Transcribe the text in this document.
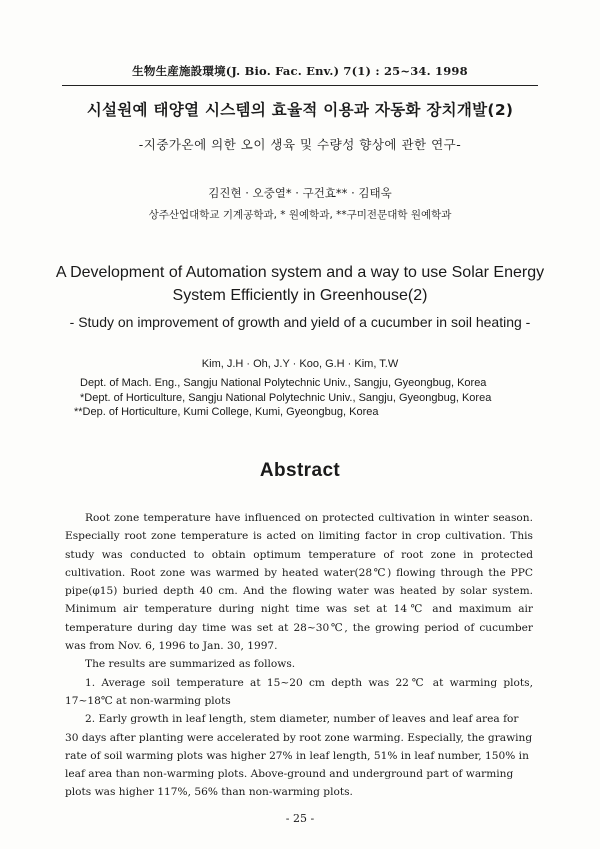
生物生産施設環境(J. Bio. Fac. Env.) 7(1) : 25~34. 1998
시설원예 태양열 시스템의 효율적 이용과 자동화 장치개발(2)
-지중가온에 의한 오이 생육 및 수량성 향상에 관한 연구-
김진현 · 오중열* · 구건효** · 김태욱
상주산업대학교 기계공학과, * 원예학과, **구미전문대학 원예학과
A Development of Automation system and a way to use Solar Energy System Efficiently in Greenhouse(2)
- Study on improvement of growth and yield of a cucumber in soil heating -
Kim, J.H · Oh, J.Y · Koo, G.H · Kim, T.W
Dept. of Mach. Eng., Sangju National Polytechnic Univ., Sangju, Gyeongbug, Korea
*Dept. of Horticulture, Sangju National Polytechnic Univ., Sangju, Gyeongbug, Korea
**Dep. of Horticulture, Kumi College, Kumi, Gyeongbug, Korea
Abstract

Root zone temperature have influenced on protected cultivation in winter season. Especially root zone temperature is acted on limiting factor in crop cultivation. This study was conducted to obtain optimum temperature of root zone in protected cultivation. Root zone was warmed by heated water(28℃) flowing through the PPC pipe(φ15) buried depth 40 cm. And the flowing water was heated by solar system. Minimum air temperature during night time was set at 14℃ and maximum air temperature during day time was set at 28~30℃, the growing period of cucumber was from Nov. 6, 1996 to Jan. 30, 1997.

The results are summarized as follows.

1. Average soil temperature at 15~20 cm depth was 22℃ at warming plots, 17~18℃ at non-warming plots

2. Early growth in leaf length, stem diameter, number of leaves and leaf area for 30 days after planting were accelerated by root zone warming. Especially, the grawing rate of soil warming plots was higher 27% in leaf length, 51% in leaf number, 150% in leaf area than non-warming plots. Above-ground and underground part of warming plots was higher 117%, 56% than non-warming plots.

- 25 -
